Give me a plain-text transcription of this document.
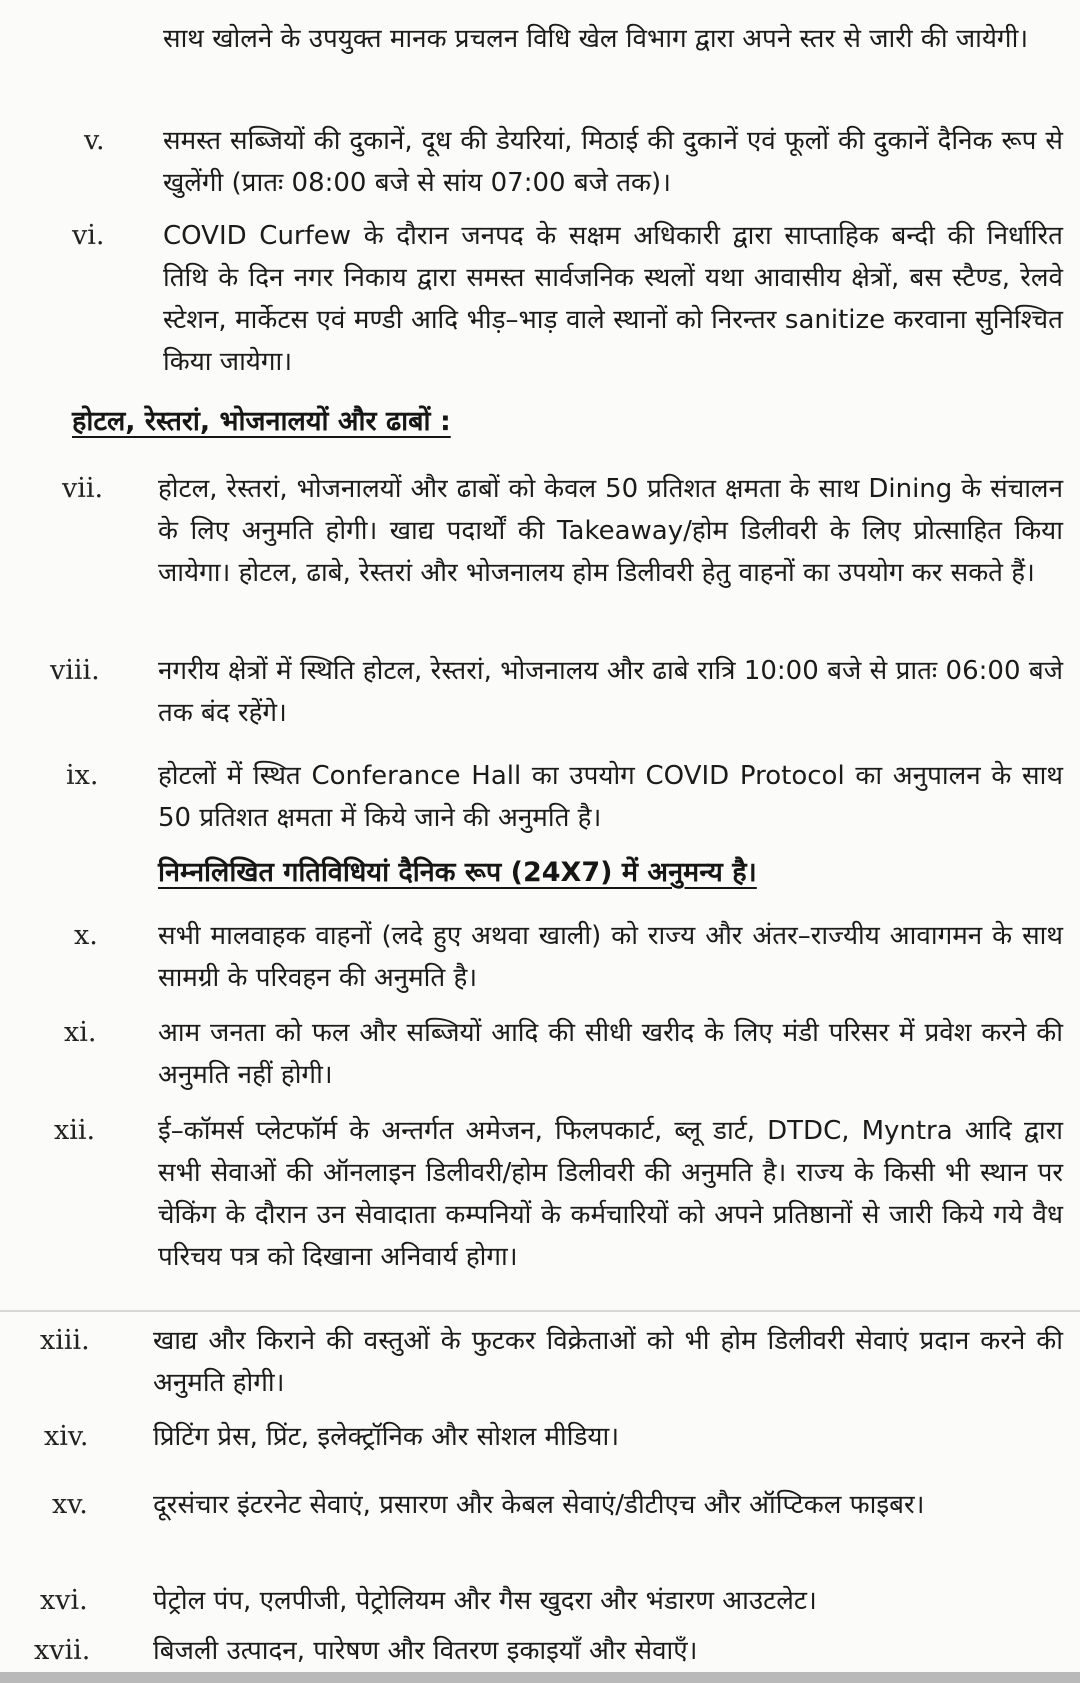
साथ खोलने के उपयुक्त मानक प्रचलन विधि खेल विभाग द्वारा अपने स्तर से जारी की जायेगी।
v. समस्त सब्जियों की दुकानें, दूध की डेयरियां, मिठाई की दुकानें एवं फूलों की दुकानें दैनिक रूप से खुलेंगी (प्रातः 08:00 बजे से सांय 07:00 बजे तक)।
vi. COVID Curfew के दौरान जनपद के सक्षम अधिकारी द्वारा साप्ताहिक बन्दी की निर्धारित तिथि के दिन नगर निकाय द्वारा समस्त सार्वजनिक स्थलों यथा आवासीय क्षेत्रों, बस स्टैण्ड, रेलवे स्टेशन, मार्केटस एवं मण्डी आदि भीड़–भाड़ वाले स्थानों को निरन्तर sanitize करवाना सुनिश्चित किया जायेगा।
होटल, रेस्तरां, भोजनालयों और ढाबों :
vii. होटल, रेस्तरां, भोजनालयों और ढाबों को केवल 50 प्रतिशत क्षमता के साथ Dining के संचालन के लिए अनुमति होगी। खाद्य पदार्थों की Takeaway/होम डिलीवरी के लिए प्रोत्साहित किया जायेगा। होटल, ढाबे, रेस्तरां और भोजनालय होम डिलीवरी हेतु वाहनों का उपयोग कर सकते हैं।
viii. नगरीय क्षेत्रों में स्थिति होटल, रेस्तरां, भोजनालय और ढाबे रात्रि 10:00 बजे से प्रातः 06:00 बजे तक बंद रहेंगे।
ix. होटलों में स्थित Conferance Hall का उपयोग COVID Protocol का अनुपालन के साथ 50 प्रतिशत क्षमता में किये जाने की अनुमति है।
निम्नलिखित गतिविधियां दैनिक रूप (24X7) में अनुमन्य है।
x. सभी मालवाहक वाहनों (लदे हुए अथवा खाली) को राज्य और अंतर–राज्यीय आवागमन के साथ सामग्री के परिवहन की अनुमति है।
xi. आम जनता को फल और सब्जियों आदि की सीधी खरीद के लिए मंडी परिसर में प्रवेश करने की अनुमति नहीं होगी।
xii. ई–कॉमर्स प्लेटफॉर्म के अन्तर्गत अमेजन, फिलपकार्ट, ब्लू डार्ट, DTDC, Myntra आदि द्वारा सभी सेवाओं की ऑनलाइन डिलीवरी/होम डिलीवरी की अनुमति है। राज्य के किसी भी स्थान पर चेकिंग के दौरान उन सेवादाता कम्पनियों के कर्मचारियों को अपने प्रतिष्ठानों से जारी किये गये वैध परिचय पत्र को दिखाना अनिवार्य होगा।
xiii. खाद्य और किराने की वस्तुओं के फुटकर विक्रेताओं को भी होम डिलीवरी सेवाएं प्रदान करने की अनुमति होगी।
xiv. प्रिटिंग प्रेस, प्रिंट, इलेक्ट्रॉनिक और सोशल मीडिया।
xv.	दूरसंचार इंटरनेट सेवाएं, प्रसारण और केबल सेवाएं/डीटीएच और ऑप्टिकल फाइबर।
xvi.	पेट्रोल पंप, एलपीजी, पेट्रोलियम और गैस खुदरा और भंडारण आउटलेट।
xvii. बिजली उत्पादन, पारेषण और वितरण इकाइयाँ और सेवाएँ।
